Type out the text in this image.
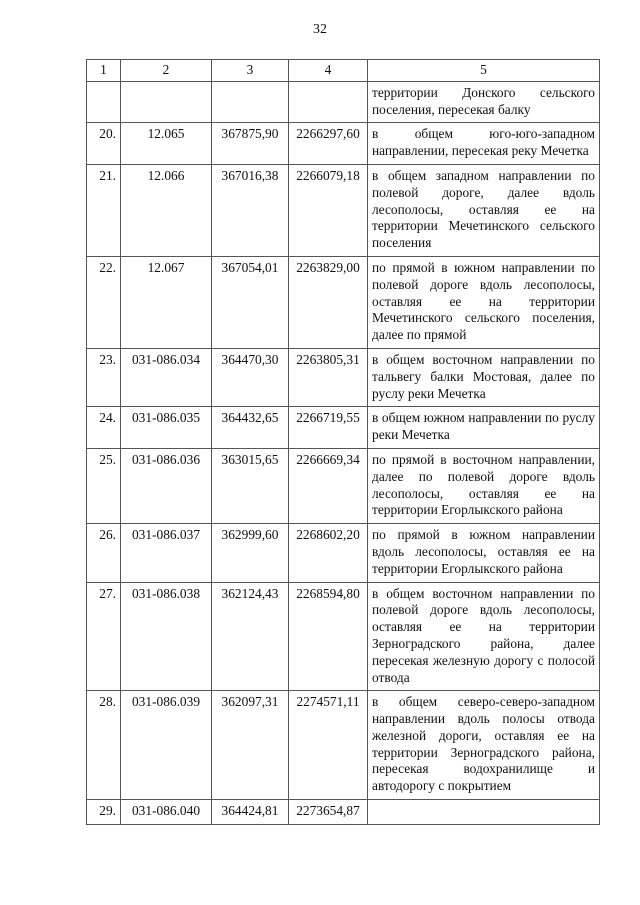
32
1	2	3	4	5
				территории Донского сельского поселения, пересекая балку
20.	12.065	367875,90	2266297,60	в общем юго-юго-западном направлении, пересекая реку Мечетка
21.	12.066	367016,38	2266079,18	в общем западном направлении по полевой дороге, далее вдоль лесополосы, оставляя ее на территории Мечетинского сельского поселения
22.	12.067	367054,01	2263829,00	по прямой в южном направлении по полевой дороге вдоль лесополосы, оставляя ее на территории Мечетинского сельского поселения, далее по прямой
23.	031-086.034	364470,30	2263805,31	в общем восточном направлении по тальвегу балки Мостовая, далее по руслу реки Мечетка
24.	031-086.035	364432,65	2266719,55	в общем южном направлении по руслу реки Мечетка
25.	031-086.036	363015,65	2266669,34	по прямой в восточном направлении, далее по полевой дороге вдоль лесополосы, оставляя ее на территории Егорлыкского района
26.	031-086.037	362999,60	2268602,20	по прямой в южном направлении вдоль лесополосы, оставляя ее на территории Егорлыкского района
27.	031-086.038	362124,43	2268594,80	в общем восточном направлении по полевой дороге вдоль лесополосы, оставляя ее на территории Зерноградского района, далее пересекая железную дорогу с полосой отвода
28.	031-086.039	362097,31	2274571,11	в общем северо-северо-западном направлении вдоль полосы отвода железной дороги, оставляя ее на территории Зерноградского района, пересекая водохранилище и автодорогу с покрытием
29.	031-086.040	364424,81	2273654,87	
